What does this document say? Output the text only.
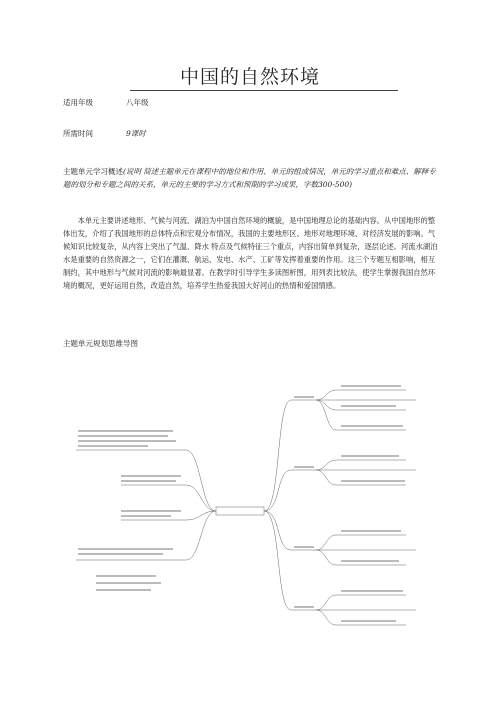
中国的自然环境
适用年级	八年级
所需时间	9课时
主题单元学习概述(说明 简述主题单元在课程中的地位和作用、单元的组成情况，单元的学习重点和难点、解释专题的划分和专题之间的关系，单元的主要的学习方式和预期的学习成果，字数300-500)
本单元主要讲述地形、气候与河流、湖泊为中国自然环境的概貌，是中国地理总论的基础内容。从中国地形的整体出发，介绍了我国地形的总体特点和宏观分布情况，我国的主要地形区、地形对地理环境、对经济发展的影响。气候知识比较复杂，从内容上突出了气温、降水 特点及气候特征三个重点，内容出简单到复杂，逐层论述。河流水湖泊水是重要的自然资源之一，它们在灌溉、航运、发电、水产、工矿等发挥着重要的作用。这三个专题互相影响，相互制约，其中地形与气候对河流的影响最显著。在教学时引导学生多读图析图，用列表比较法，使学生掌握我国自然环境的概况，更好运用自然，改造自然，培养学生热爱我国大好河山的热情和爱国情感。
主题单元规划思维导图
